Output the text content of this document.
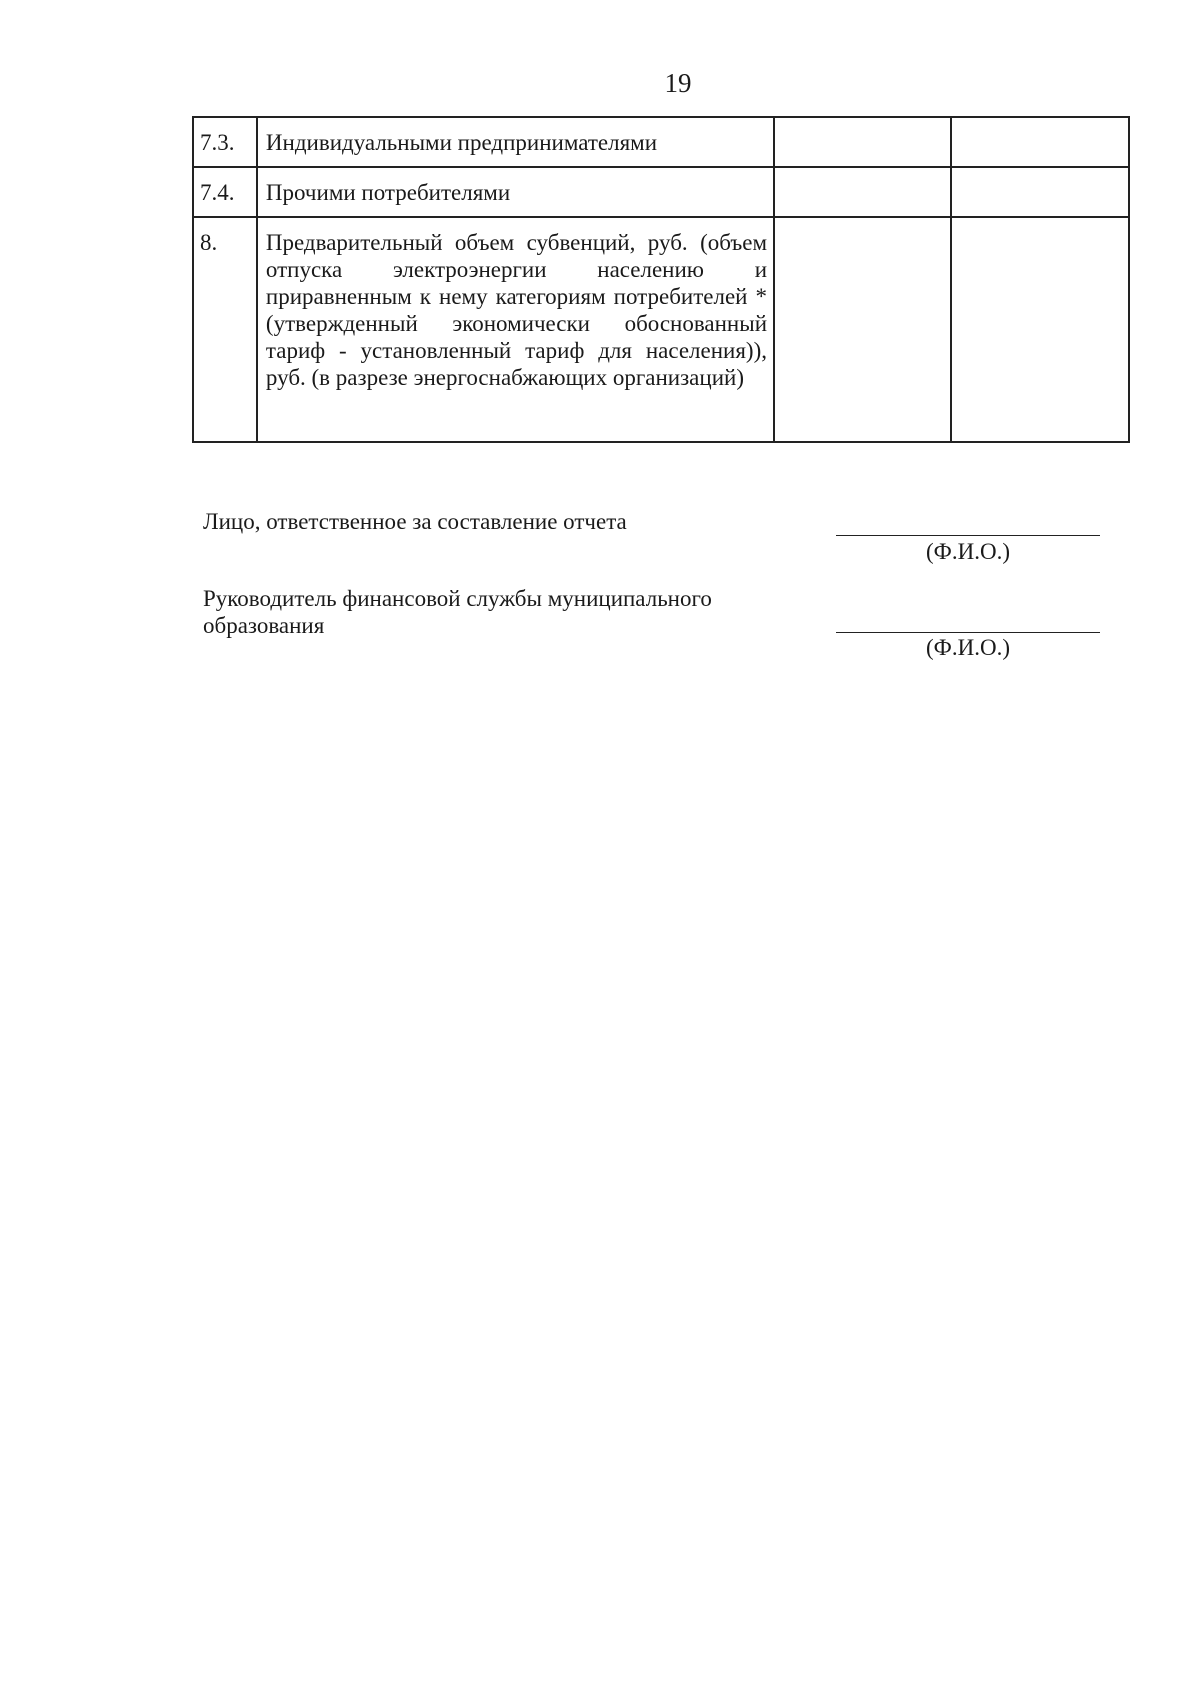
19
7.3.	Индивидуальными предпринимателями		
7.4.	Прочими потребителями		
8.	Предварительный объем субвенций, руб. (объем отпуска электроэнергии населению и приравненным к нему категориям потребителей * (утвержденный экономически обоснованный тариф - установленный тариф для населения)), руб. (в разрезе энергоснабжающих организаций)		
Лицо, ответственное за составление отчета
(Ф.И.О.)
Руководитель финансовой службы муниципального образования
(Ф.И.О.)
